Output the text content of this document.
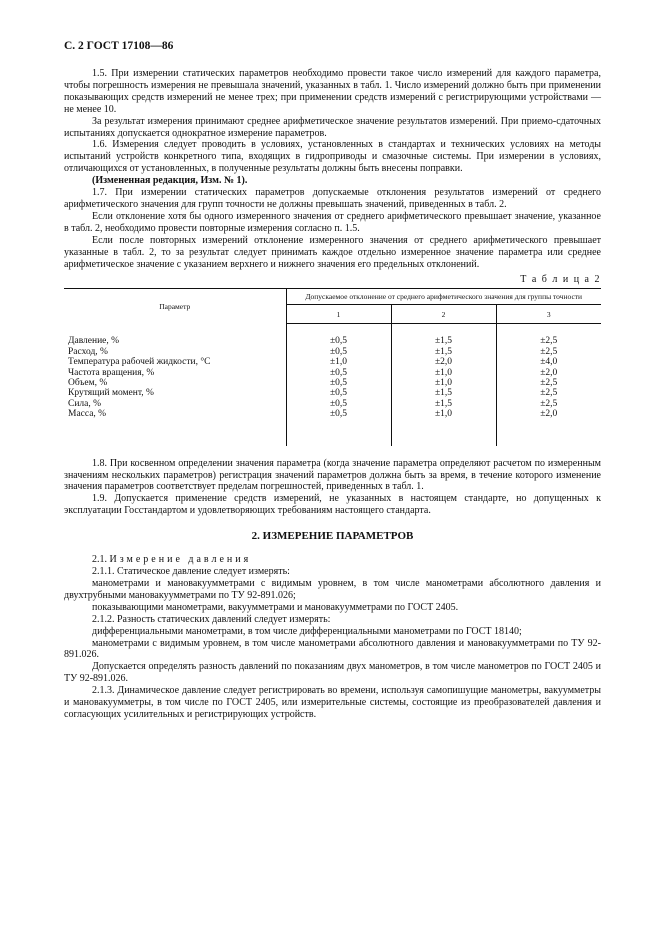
С. 2 ГОСТ 17108—86

1.5. При измерении статических параметров необходимо провести такое число измерений для каждого параметра, чтобы погрешность измерения не превышала значений, указанных в табл. 1. Число измерений должно быть при применении показывающих средств измерений не менее трех; при применении средств измерений с регистрирующими устройствами — не менее 10.

За результат измерения принимают среднее арифметическое значение результатов измерений. При приемо-сдаточных испытаниях допускается однократное измерение параметров.

1.6. Измерения следует проводить в условиях, установленных в стандартах и технических условиях на методы испытаний устройств конкретного типа, входящих в гидроприводы и смазочные системы. При измерении в условиях, отличающихся от установленных, в полученные результаты должны быть внесены поправки.

(Измененная редакция, Изм. № 1).

1.7. При измерении статических параметров допускаемые отклонения результатов измерений от среднего арифметического значения для групп точности не должны превышать значений, приведенных в табл. 2.

Если отклонение хотя бы одного измеренного значения от среднего арифметического превышает значение, указанное в табл. 2, необходимо провести повторные измерения согласно п. 1.5.

Если после повторных измерений отклонение измеренного значения от среднего арифметического превышает указанные в табл. 2, то за результат следует принимать каждое отдельно измеренное значение параметра или среднее арифметическое значение с указанием верхнего и нижнего значения его предельных отклонений.

Т а б л и ц а 2
Параметр	Допускаемое отклонение от среднего арифметического значения для группы точности		
	1	2	3
Давление, %	±0,5	±1,5	±2,5
Расход, %	±0,5	±1,5	±2,5
Температура рабочей жидкости, °С	±1,0	±2,0	±4,0
Частота вращения, %	±0,5	±1,0	±2,0
Объем, %	±0,5	±1,0	±2,5
Крутящий момент, %	±0,5	±1,5	±2,5
Сила, %	±0,5	±1,5	±2,5
Масса, %	±0,5	±1,0	±2,0

1.8. При косвенном определении значения параметра (когда значение параметра определяют расчетом по измеренным значениям нескольких параметров) регистрация значений параметров должна быть за время, в течение которого изменение значения параметров соответствует пределам погрешностей, приведенных в табл. 1.

1.9. Допускается применение средств измерений, не указанных в настоящем стандарте, но допущенных к эксплуатации Госстандартом и удовлетворяющих требованиям настоящего стандарта.

2. ИЗМЕРЕНИЕ ПАРАМЕТРОВ

2.1. Измерение давления

2.1.1. Статическое давление следует измерять:

манометрами и мановакуумметрами с видимым уровнем, в том числе манометрами абсолютного давления и двухтрубными мановакуумметрами по ТУ 92-891.026;

показывающими манометрами, вакуумметрами и мановакуумметрами по ГОСТ 2405.

2.1.2. Разность статических давлений следует измерять:

дифференциальными манометрами, в том числе дифференциальными манометрами по ГОСТ 18140;

манометрами с видимым уровнем, в том числе манометрами абсолютного давления и мановакуумметрами по ТУ 92-891.026.

Допускается определять разность давлений по показаниям двух манометров, в том числе манометров по ГОСТ 2405 и ТУ 92-891.026.

2.1.3. Динамическое давление следует регистрировать во времени, используя самопишущие манометры, вакуумметры и мановакуумметры, в том числе по ГОСТ 2405, или измерительные системы, состоящие из преобразователей давления и согласующих усилительных и регистрирующих устройств.
